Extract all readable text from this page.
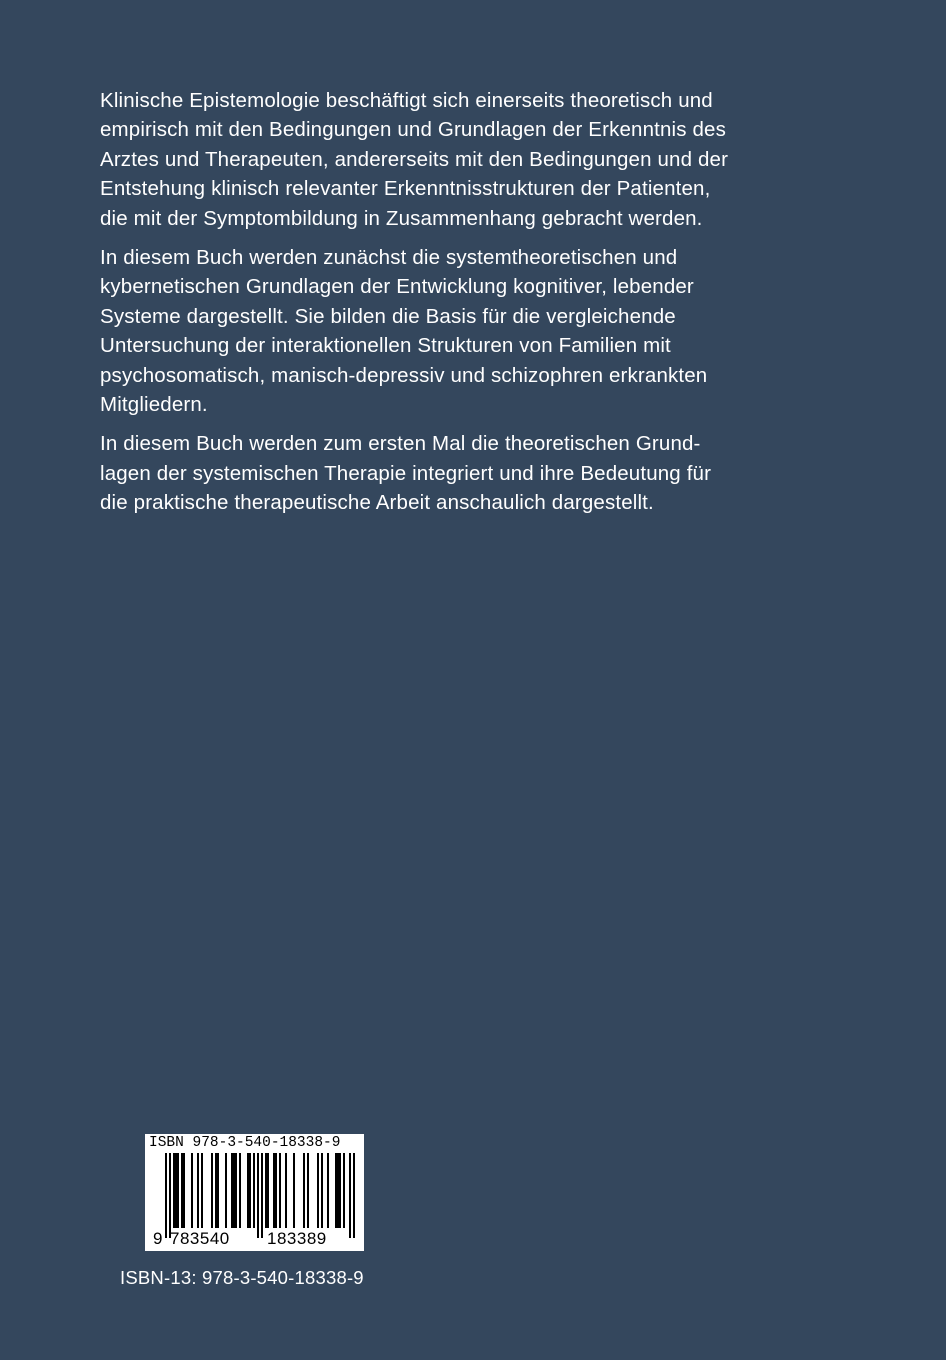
Klinische Epistemologie beschäftigt sich einerseits theoretisch und
empirisch mit den Bedingungen und Grundlagen der Erkenntnis des
Arztes und Therapeuten, andererseits mit den Bedingungen und der
Entstehung klinisch relevanter Erkenntnisstrukturen der Patienten,
die mit der Symptombildung in Zusammenhang gebracht werden.

In diesem Buch werden zunächst die systemtheoretischen und
kybernetischen Grundlagen der Entwicklung kognitiver, lebender
Systeme dargestellt. Sie bilden die Basis für die vergleichende
Untersuchung der interaktionellen Strukturen von Familien mit
psychosomatisch, manisch-depressiv und schizophren erkrankten
Mitgliedern.

In diesem Buch werden zum ersten Mal die theoretischen Grund-
lagen der systemischen Therapie integriert und ihre Bedeutung für
die praktische therapeutische Arbeit anschaulich dargestellt.

ISBN 978-3-540-18338-9
9 783540 183389
ISBN-13: 978-3-540-18338-9
